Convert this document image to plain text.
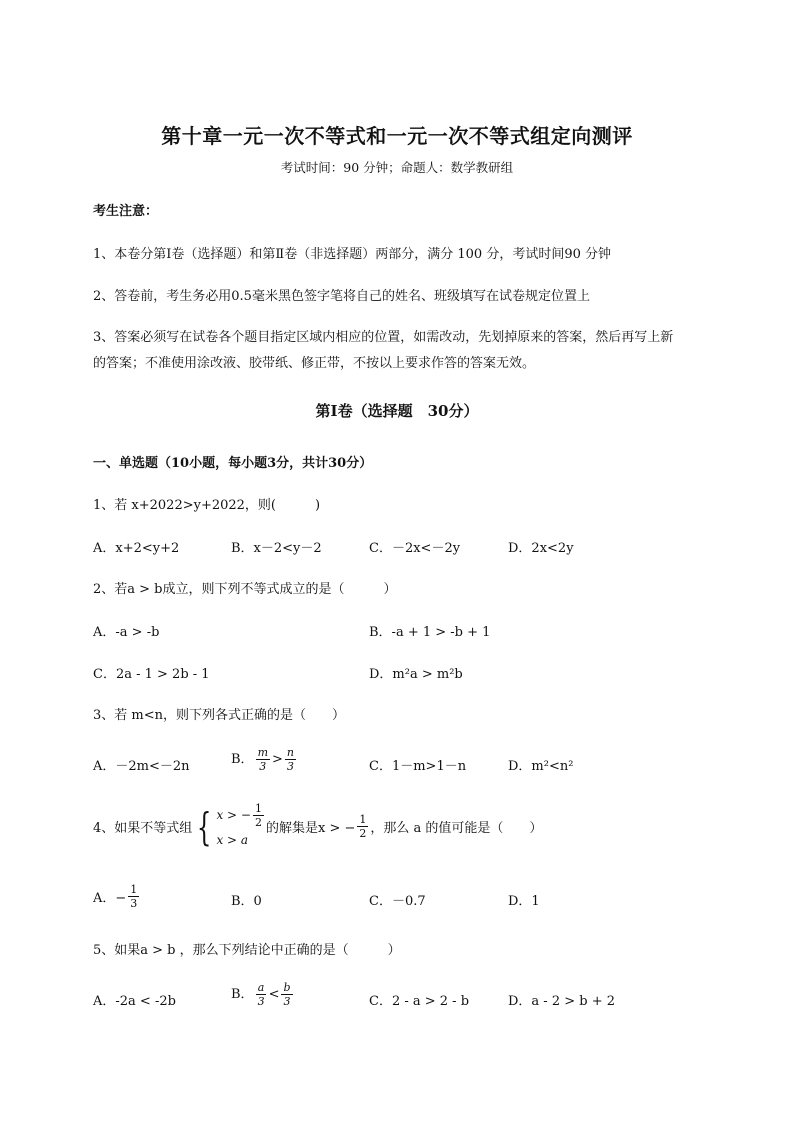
第十章一元一次不等式和一元一次不等式组定向测评
考试时间：90 分钟；命题人：数学教研组
考生注意：
1、本卷分第Ⅰ卷（选择题）和第Ⅱ卷（非选择题）两部分，满分 100 分，考试时间90 分钟
2、答卷前，考生务必用0.5毫米黑色签字笔将自己的姓名、班级填写在试卷规定位置上
3、答案必须写在试卷各个题目指定区域内相应的位置，如需改动，先划掉原来的答案，然后再写上新
的答案；不准使用涂改液、胶带纸、修正带，不按以上要求作答的答案无效。
第Ⅰ卷（选择题　30分）
一、单选题（10小题，每小题3分，共计30分）
1、若 x+2022>y+2022，则(　　　)
A．x+2<y+2	B．x－2<y－2	C．－2x<－2y	D．2x<2y
2、若a > b成立，则下列不等式成立的是（　　　）
A．-a > -b	B．-a + 1 > -b + 1
C．2a - 1 > 2b - 1	D．m²a > m²b
3、若 m<n，则下列各式正确的是（　　）
A．－2m<－2n	B． $\frac{m}{3} > \frac{n}{3}$	C．1－m>1－n	D．m²<n²
4、如果不等式组 { x > − $\frac{1}{2}$
x > a
的解集是x > − $\frac{1}{2}$ ，那么 a 的值可能是（　　）
A．− $\frac{1}{3}$	B．0	C．－0.7	D．1
5、如果a > b ，那么下列结论中正确的是（　　　）
A．-2a < -2b	B． $\frac{a}{3} < \frac{b}{3}$	C．2 - a > 2 - b	D．a - 2 > b + 2
